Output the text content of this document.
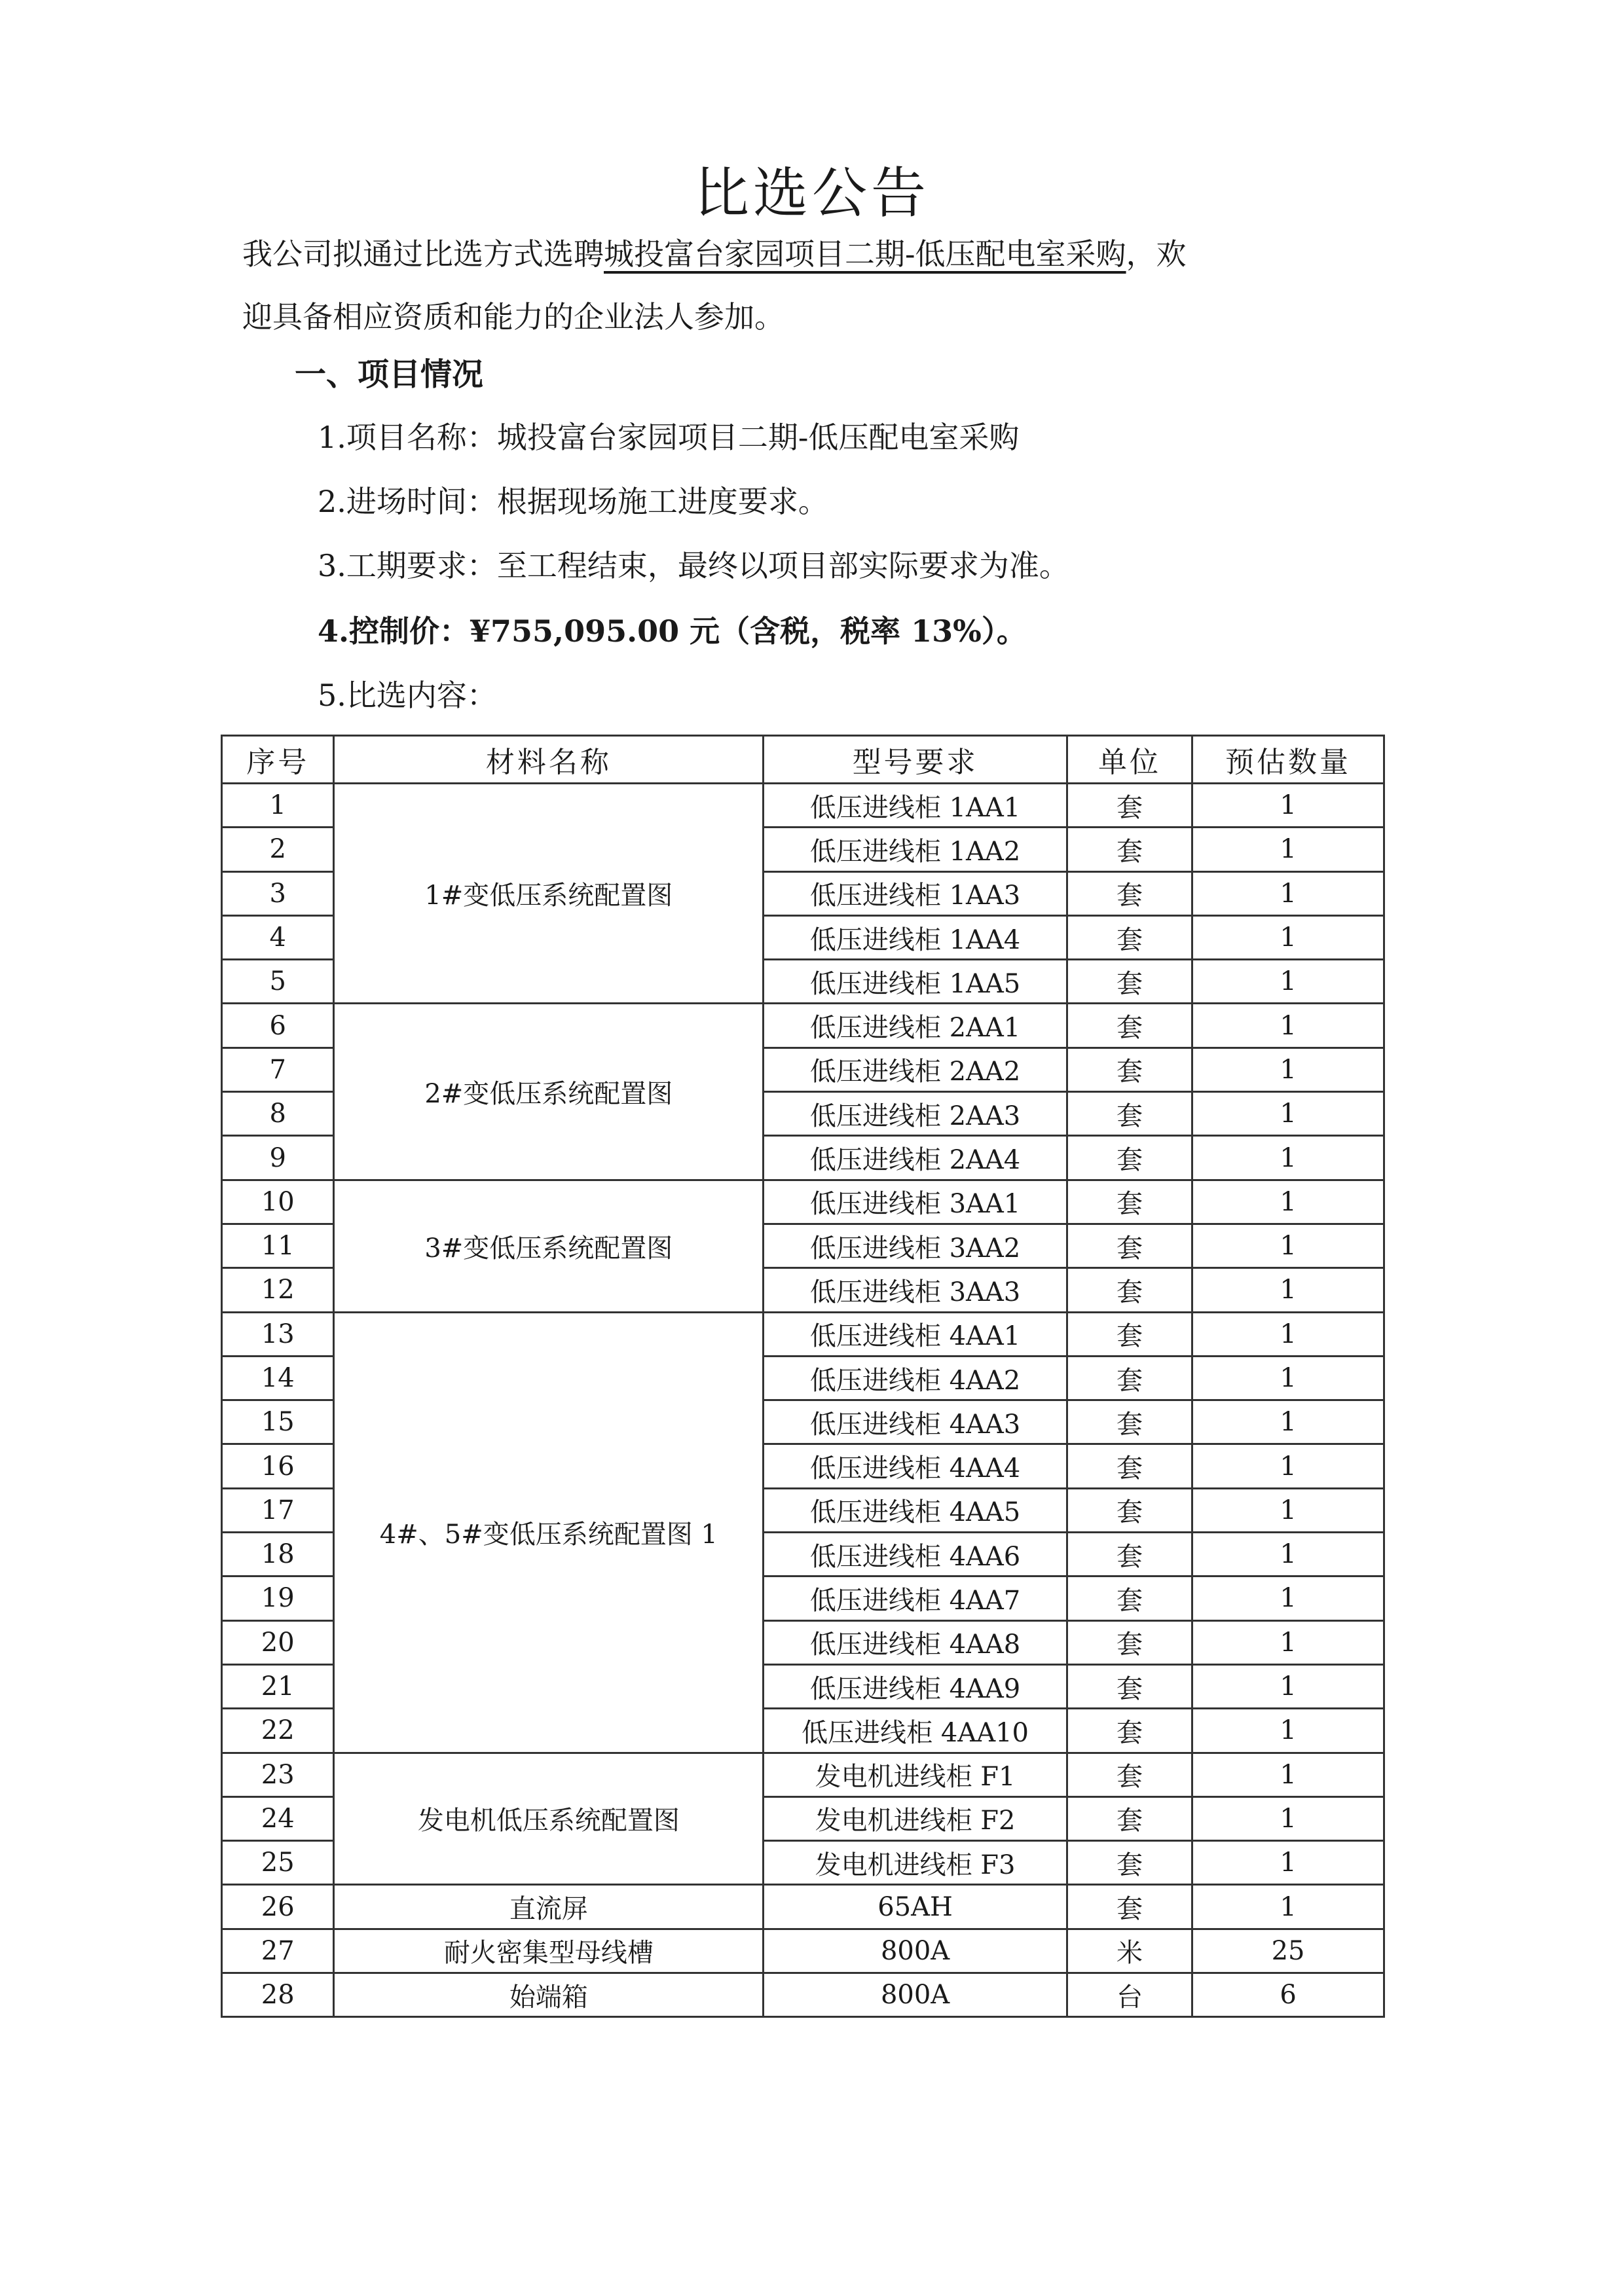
比选公告
我公司拟通过比选方式选聘城投富台家园项目二期-低压配电室采购，欢
迎具备相应资质和能力的企业法人参加。
一、项目情况
1.项目名称：城投富台家园项目二期-低压配电室采购
2.进场时间：根据现场施工进度要求。
3.工期要求：至工程结束，最终以项目部实际要求为准。
4.控制价：¥755,095.00 元（含税，税率 13%）。
5.比选内容：
序号	材料名称	型号要求	单位	预估数量
1	1#变低压系统配置图	低压进线柜 1AA1	套	1
2		低压进线柜 1AA2	套	1
3		低压进线柜 1AA3	套	1
4		低压进线柜 1AA4	套	1
5		低压进线柜 1AA5	套	1
6	2#变低压系统配置图	低压进线柜 2AA1	套	1
7		低压进线柜 2AA2	套	1
8		低压进线柜 2AA3	套	1
9		低压进线柜 2AA4	套	1
10	3#变低压系统配置图	低压进线柜 3AA1	套	1
11		低压进线柜 3AA2	套	1
12		低压进线柜 3AA3	套	1
13	4#、5#变低压系统配置图 1	低压进线柜 4AA1	套	1
14		低压进线柜 4AA2	套	1
15		低压进线柜 4AA3	套	1
16		低压进线柜 4AA4	套	1
17		低压进线柜 4AA5	套	1
18		低压进线柜 4AA6	套	1
19		低压进线柜 4AA7	套	1
20		低压进线柜 4AA8	套	1
21		低压进线柜 4AA9	套	1
22		低压进线柜 4AA10	套	1
23	发电机低压系统配置图	发电机进线柜 F1	套	1
24		发电机进线柜 F2	套	1
25		发电机进线柜 F3	套	1
26	直流屏	65AH	套	1
27	耐火密集型母线槽	800A	米	25
28	始端箱	800A	台	6
